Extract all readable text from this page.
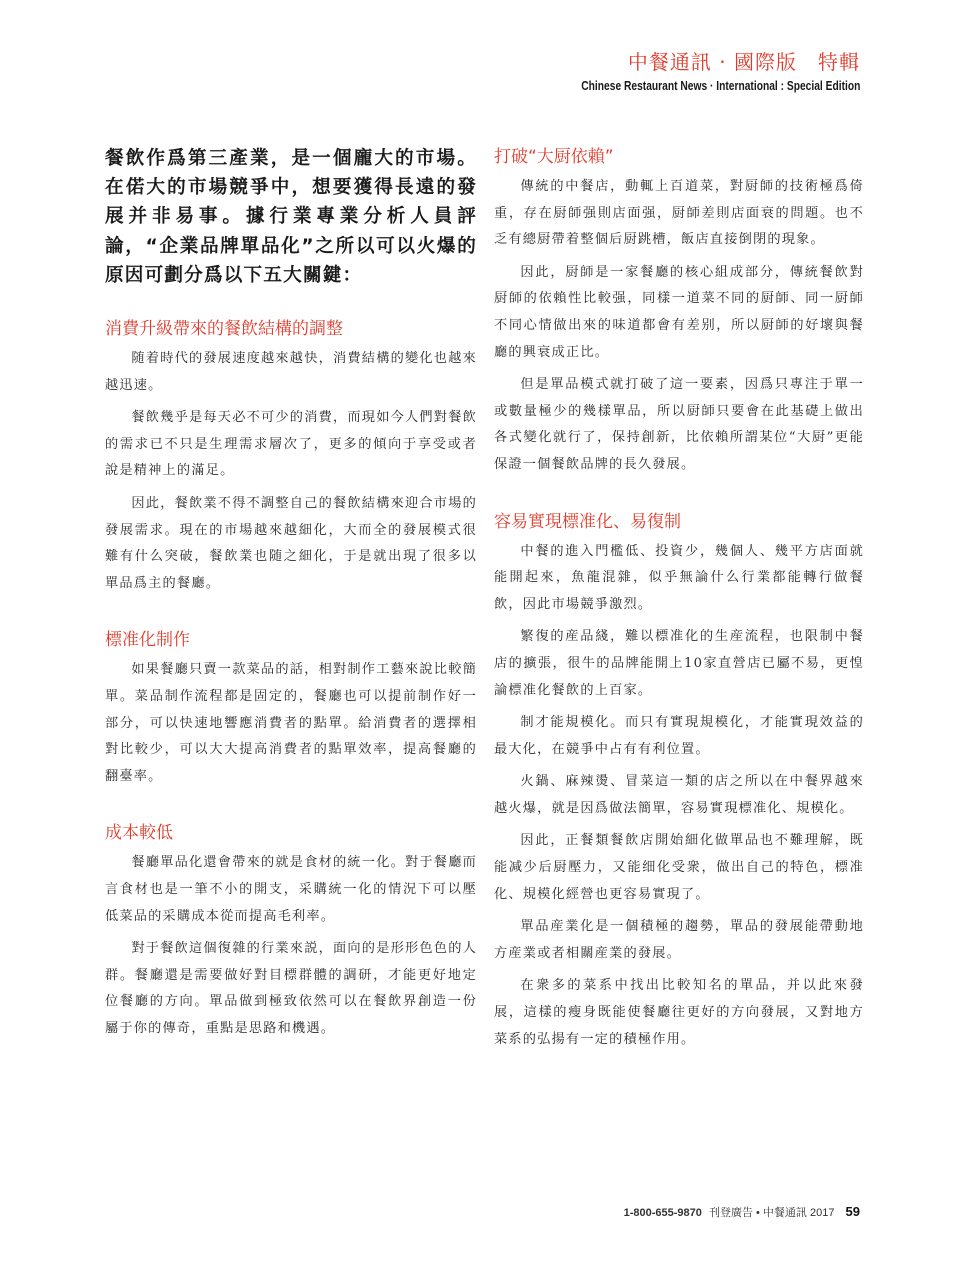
中餐通訊 · 國際版　特輯
Chinese Restaurant News · International : Special Edition

餐飲作爲第三產業，是一個龐大的市場。在偌大的市場競爭中，想要獲得長遠的發展并非易事。據行業專業分析人員評論，“企業品牌單品化”之所以可以火爆的原因可劃分爲以下五大關鍵：

消費升級帶來的餐飲結構的調整

随着時代的發展速度越來越快，消費結構的變化也越來越迅速。

餐飲幾乎是每天必不可少的消費，而現如今人們對餐飲的需求已不只是生理需求層次了，更多的傾向于享受或者說是精神上的滿足。

因此，餐飲業不得不調整自己的餐飲結構來迎合市場的發展需求。現在的市場越來越細化，大而全的發展模式很難有什么突破，餐飲業也随之細化，于是就出現了很多以單品爲主的餐廳。

標准化制作

如果餐廳只賣一款菜品的話，相對制作工藝來說比較簡單。菜品制作流程都是固定的，餐廳也可以提前制作好一部分，可以快速地響應消費者的點單。給消費者的選擇相對比較少，可以大大提高消費者的點單效率，提高餐廳的翻臺率。

成本較低

餐廳單品化還會帶來的就是食材的統一化。對于餐廳而言食材也是一筆不小的開支，采購統一化的情況下可以壓低菜品的采購成本從而提高毛利率。

對于餐飲這個復雜的行業來説，面向的是形形色色的人群。餐廳還是需要做好對目標群體的調研，才能更好地定位餐廳的方向。單品做到極致依然可以在餐飲界創造一份屬于你的傳奇，重點是思路和機遇。

打破“大厨依賴”

傳統的中餐店，動輒上百道菜，對厨師的技術極爲倚重，存在厨師强則店面强，厨師差則店面衰的問題。也不乏有總厨帶着整個后厨跳槽，飯店直接倒閉的現象。

因此，厨師是一家餐廳的核心組成部分，傳統餐飲對厨師的依賴性比較强，同樣一道菜不同的厨師、同一厨師不同心情做出來的味道都會有差别，所以厨師的好壞與餐廳的興衰成正比。

但是單品模式就打破了這一要素，因爲只專注于單一或數量極少的幾樣單品，所以厨師只要會在此基礎上做出各式變化就行了，保持創新，比依賴所謂某位“大厨”更能保證一個餐飲品牌的長久發展。

容易實現標准化、易復制

中餐的進入門檻低、投資少，幾個人、幾平方店面就能開起來，魚龍混雜，似乎無論什么行業都能轉行做餐飲，因此市場競爭激烈。

繁復的産品綫，難以標准化的生産流程，也限制中餐店的擴張，很牛的品牌能開上10家直營店已屬不易，更惶論標准化餐飲的上百家。

制才能規模化。而只有實現規模化，才能實現效益的最大化，在競爭中占有有利位置。

火鍋、麻辣燙、冒菜這一類的店之所以在中餐界越來越火爆，就是因爲做法簡單，容易實現標准化、規模化。

因此，正餐類餐飲店開始細化做單品也不難理解，既能减少后厨壓力，又能细化受衆，做出自己的特色，標准化、規模化經營也更容易實現了。

單品産業化是一個積極的趨勢，單品的發展能帶動地方産業或者相關産業的發展。

在衆多的菜系中找出比較知名的單品，并以此來發展，這樣的瘦身既能使餐廳往更好的方向發展，又對地方菜系的弘揚有一定的積極作用。

1-800-655-9870 刊登廣告 • 中餐通訊 2017 59
